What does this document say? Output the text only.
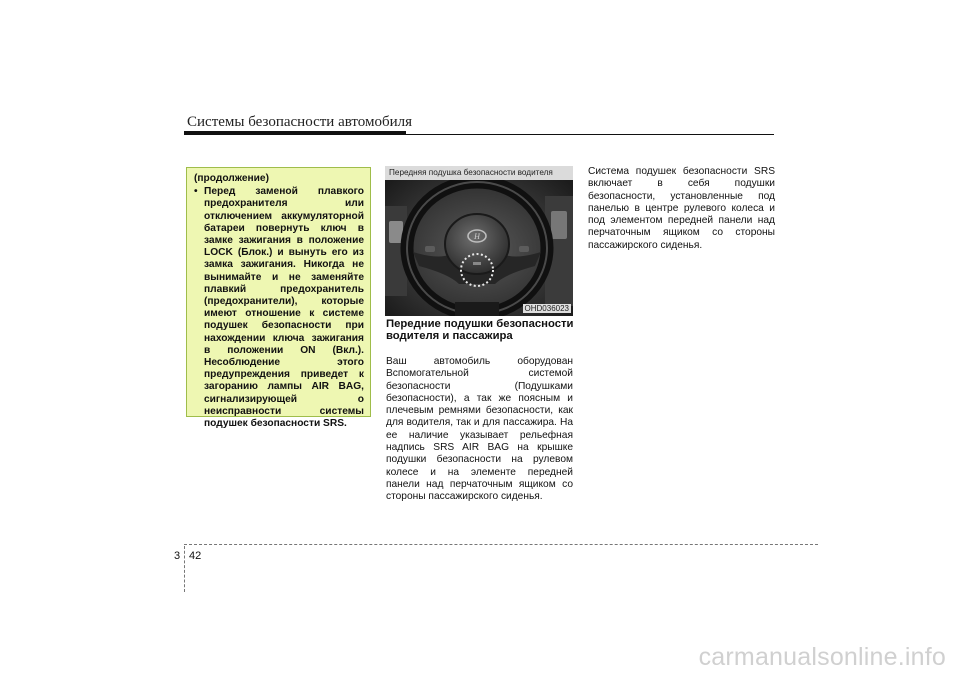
Системы безопасности автомобиля
(продолжение)
• Перед заменой плавкого предохранителя или отключением аккумуляторной батареи повернуть ключ в замке зажигания в положение LOCK (Блок.) и вынуть его из замка зажигания. Никогда не вынимайте и не заменяйте плавкий предохранитель (предохранители), которые имеют отношение к системе подушек безопасности при нахождении ключа зажигания в положении ON (Вкл.). Несоблюдение этого предупреждения приведет к загоранию лампы AIR BAG, сигнализирующей о неисправности системы подушек безопасности SRS.
H
Передняя подушка безопасности водителя
OHD036023
Передние подушки безопасности водителя и пассажира
Ваш автомобиль оборудован Вспомогательной системой безопасности (Подушками безопасности), а так же поясным и плечевым ремнями безопасности, как для водителя, так и для пассажира. На ее наличие указывает рельефная надпись SRS AIR BAG на крышке подушки безопасности на рулевом колесе и на элементе передней панели над перчаточным ящиком со стороны пассажирского сиденья.
Система подушек безопасности SRS включает в себя подушки безопасности, установленные под панелью в центре рулевого колеса и под элементом передней панели над перчаточным ящиком со стороны пассажирского сиденья.
3 42
carmanualsonline.info
